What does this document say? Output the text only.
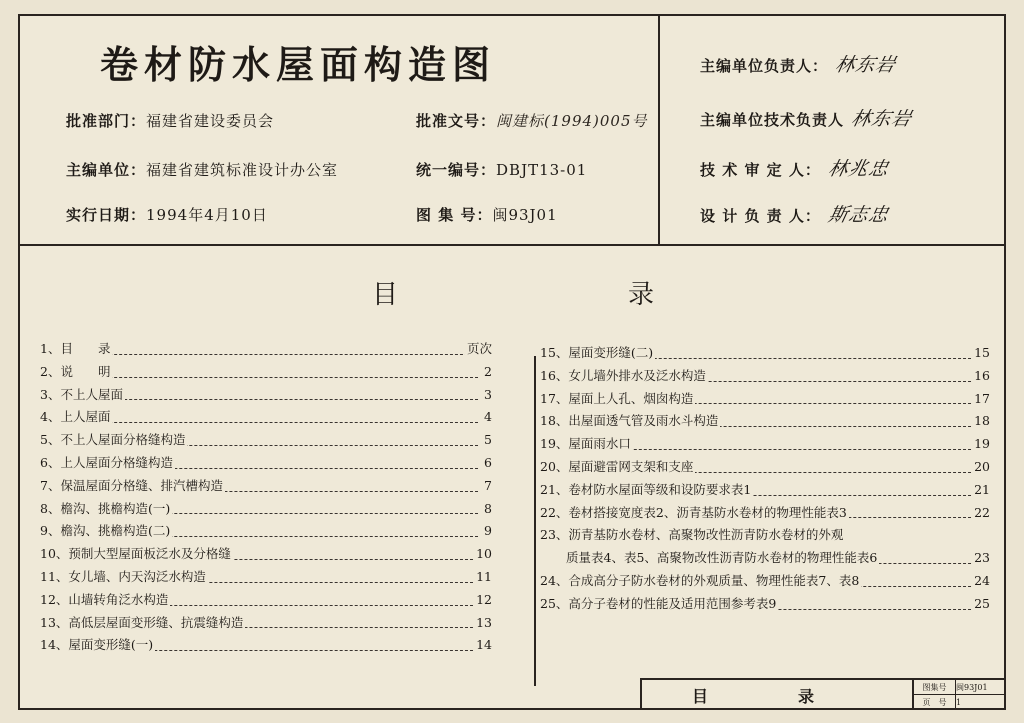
卷材防水屋面构造图
批准部门：福建省建设委员会	批准文号：闽建标(1994)005号
主编单位：福建省建筑标准设计办公室	统一编号：DBJT13-01
实行日期：1994年4月10日	图 集 号：闽93J01
主编单位负责人： 林东岩
主编单位技术负责人 林东岩
技 术 审 定 人： 林兆忠
设 计 负 责 人： 斯志忠
目	录
1、目　　录	页次
2、说　　明	2
3、不上人屋面	3
4、上人屋面	4
5、不上人屋面分格缝构造	5
6、上人屋面分格缝构造	6
7、保温屋面分格缝、排汽槽构造	7
8、檐沟、挑檐构造(一)	8
9、檐沟、挑檐构造(二)	9
10、预制大型屋面板泛水及分格缝	10
11、女儿墙、内天沟泛水构造	11
12、山墙转角泛水构造	12
13、高低层屋面变形缝、抗震缝构造	13
14、屋面变形缝(一)	14
15、屋面变形缝(二)	15
16、女儿墙外排水及泛水构造	16
17、屋面上人孔、烟囱构造	17
18、出屋面透气管及雨水斗构造	18
19、屋面雨水口	19
20、屋面避雷网支架和支座	20
21、卷材防水屋面等级和设防要求表1	21
22、卷材搭接宽度表2、沥青基防水卷材的物理性能表3	22
23、沥青基防水卷材、高聚物改性沥青防水卷材的外观
质量表4、表5、高聚物改性沥青防水卷材的物理性能表6	23
24、合成高分子防水卷材的外观质量、物理性能表7、表8	24
25、高分子卷材的性能及适用范围参考表9	25
目录	图集号 闽93J01
页　号 1
